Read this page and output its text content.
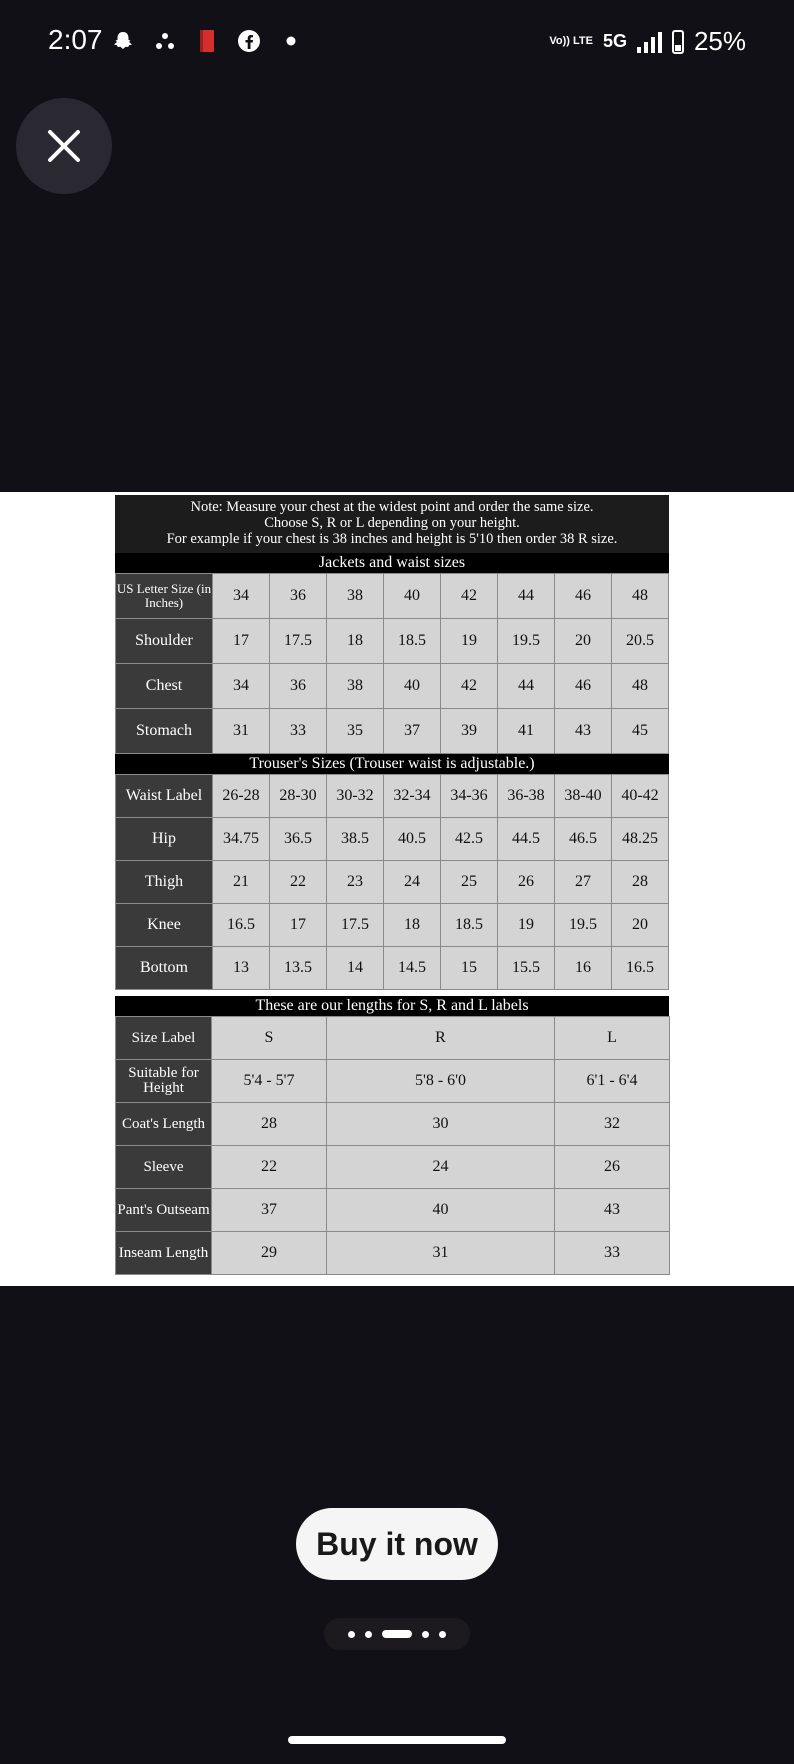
2:07	Vo)) LTE 5G	25%
Note: Measure your chest at the widest point and order the same size.
Choose S, R or L depending on your height.
For example if your chest is 38 inches and height is 5'10 then order 38 R size.
Jackets and waist sizes
US Letter Size (in Inches)	34	36	38	40	42	44	46	48
Shoulder	17	17.5	18	18.5	19	19.5	20	20.5
Chest	34	36	38	40	42	44	46	48
Stomach	31	33	35	37	39	41	43	45
Trouser's Sizes (Trouser waist is adjustable.)
Waist Label	26-28	28-30	30-32	32-34	34-36	36-38	38-40	40-42
Hip	34.75	36.5	38.5	40.5	42.5	44.5	46.5	48.25
Thigh	21	22	23	24	25	26	27	28
Knee	16.5	17	17.5	18	18.5	19	19.5	20
Bottom	13	13.5	14	14.5	15	15.5	16	16.5
These are our lengths for S, R and L labels
Size Label	S	R	L
Suitable for Height	5'4 - 5'7	5'8 - 6'0	6'1 - 6'4
Coat's Length	28	30	32
Sleeve	22	24	26
Pant's Outseam	37	40	43
Inseam Length	29	31	33
Buy it now
